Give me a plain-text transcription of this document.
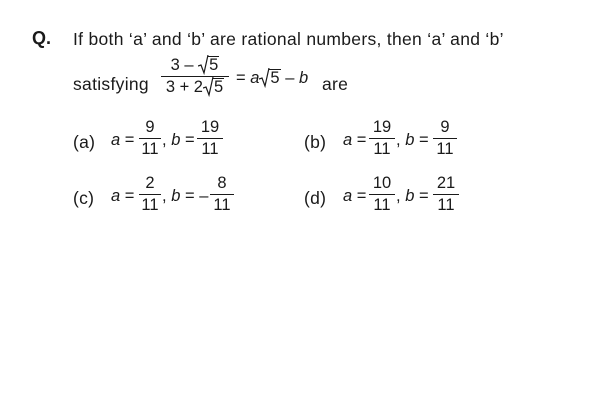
Q. If both ‘a’ and ‘b’ are rational numbers, then ‘a’ and ‘b’
satisfying
3 – 5
3 + 2 5 = a 5 – b are
(a) a =
9
11 , b =
19
11	(b) a =
19
11 , b =
9
11
(c) a =
2
11 , b = –
8
11	(d) a =
10
11 , b =
21
11
